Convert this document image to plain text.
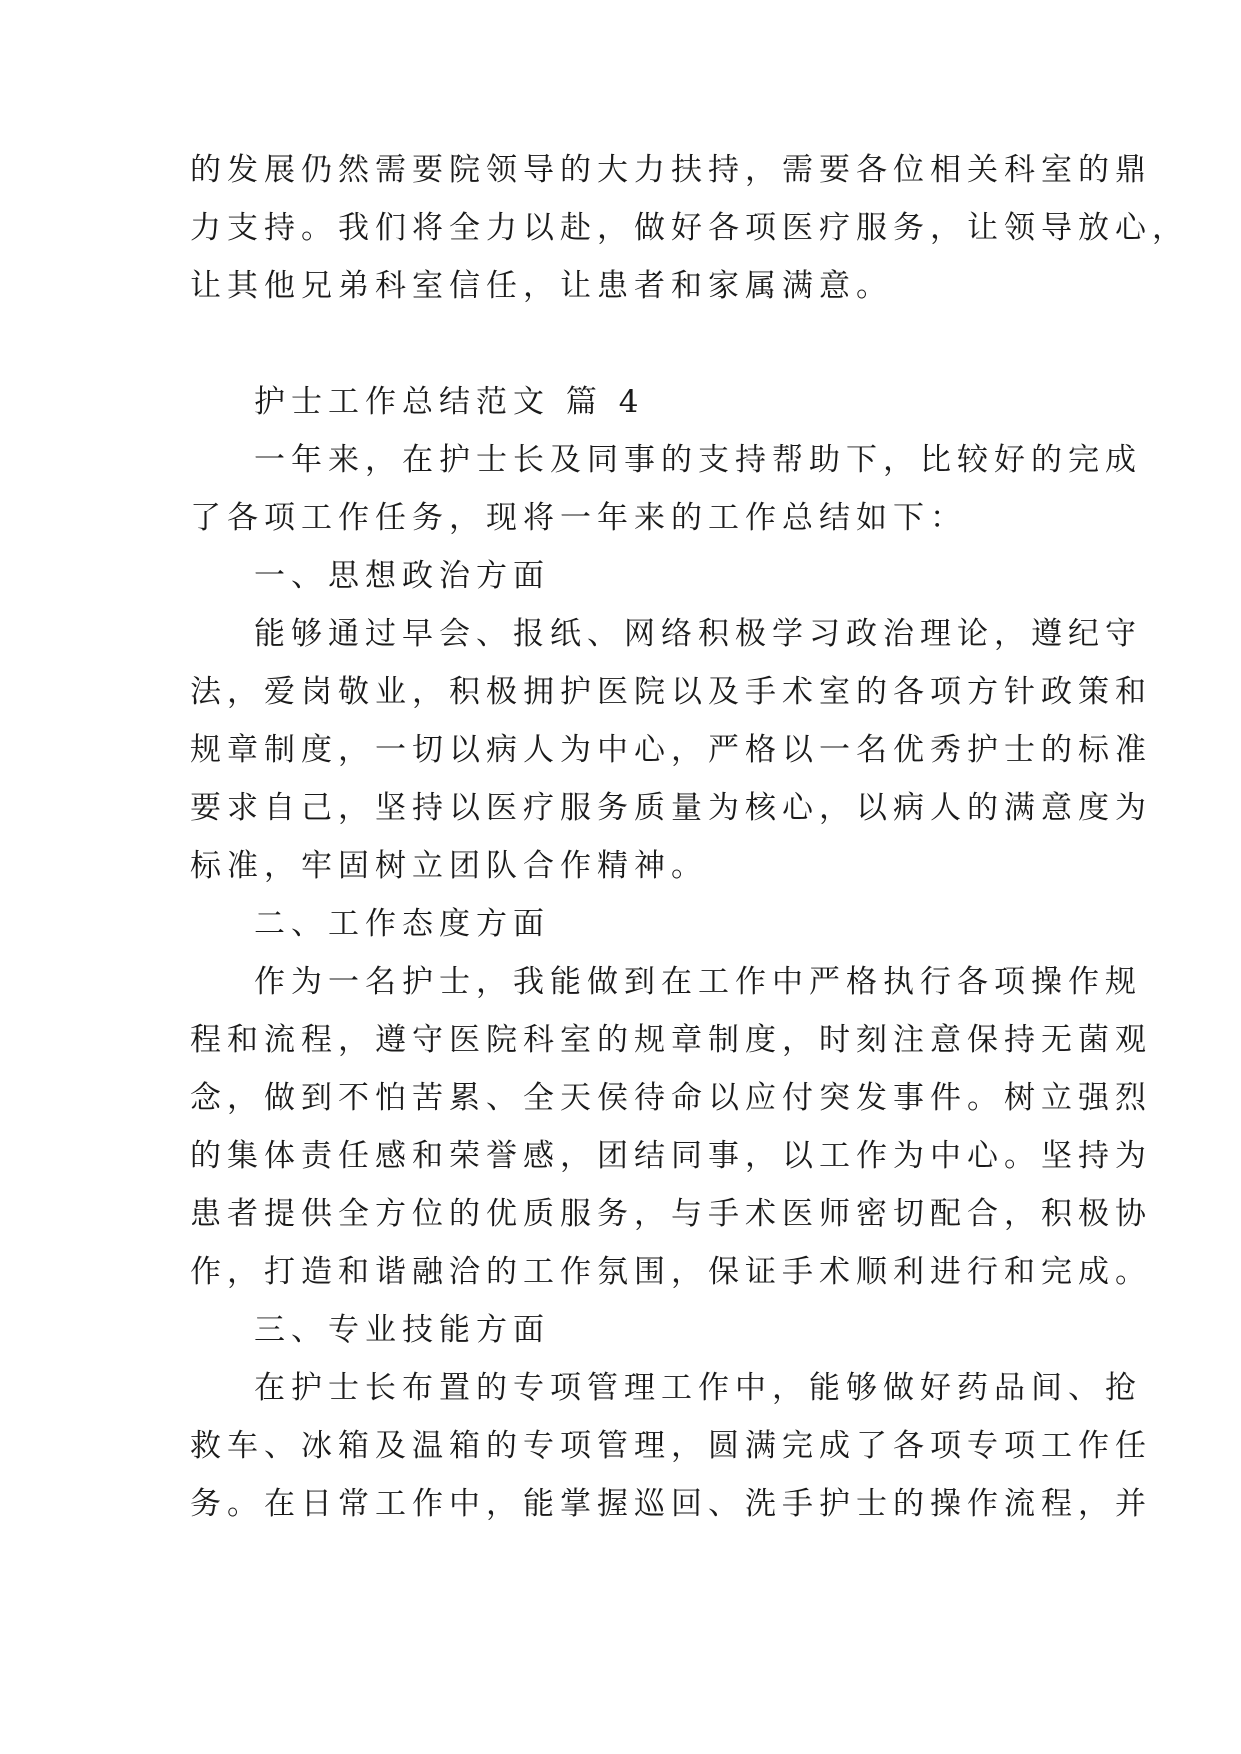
的发展仍然需要院领导的大力扶持，需要各位相关科室的鼎
力支持。我们将全力以赴，做好各项医疗服务，让领导放心，
让其他兄弟科室信任，让患者和家属满意。
护士工作总结范文 篇 4
一年来，在护士长及同事的支持帮助下，比较好的完成
了各项工作任务，现将一年来的工作总结如下：
一、思想政治方面
能够通过早会、报纸、网络积极学习政治理论，遵纪守
法，爱岗敬业，积极拥护医院以及手术室的各项方针政策和
规章制度，一切以病人为中心，严格以一名优秀护士的标准
要求自己，坚持以医疗服务质量为核心，以病人的满意度为
标准，牢固树立团队合作精神。
二、工作态度方面
作为一名护士，我能做到在工作中严格执行各项操作规
程和流程，遵守医院科室的规章制度，时刻注意保持无菌观
念，做到不怕苦累、全天侯待命以应付突发事件。树立强烈
的集体责任感和荣誉感，团结同事，以工作为中心。坚持为
患者提供全方位的优质服务，与手术医师密切配合，积极协
作，打造和谐融洽的工作氛围，保证手术顺利进行和完成。
三、专业技能方面
在护士长布置的专项管理工作中，能够做好药品间、抢
救车、冰箱及温箱的专项管理，圆满完成了各项专项工作任
务。在日常工作中，能掌握巡回、洗手护士的操作流程，并
